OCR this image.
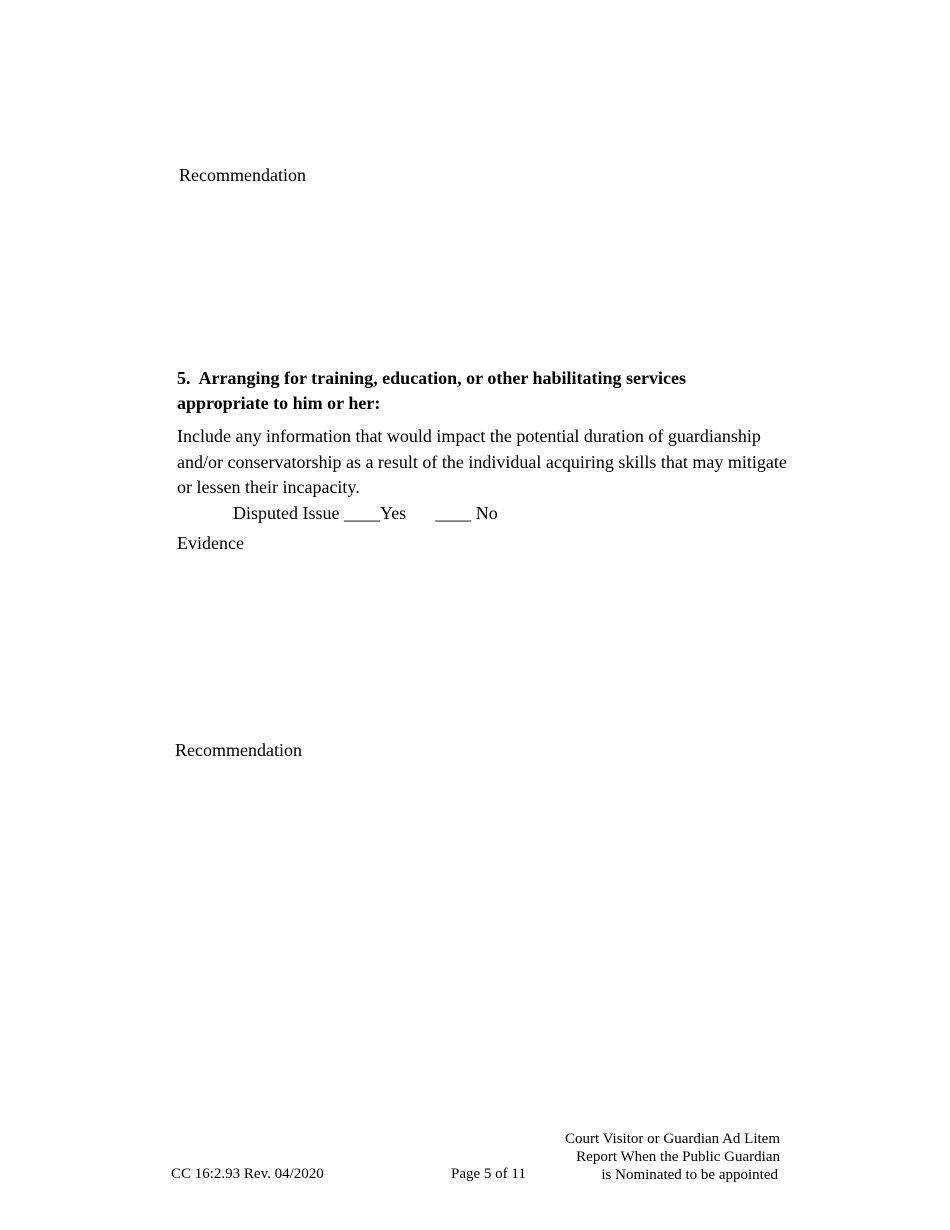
Recommendation
5. Arranging for training, education, or other habilitating services appropriate to him or her:
Include any information that would impact the potential duration of guardianship and/or conservatorship as a result of the individual acquiring skills that may mitigate or lessen their incapacity.
Disputed Issue ____Yes ____ No
Evidence
Recommendation
CC 16:2.93 Rev. 04/2020	Page 5 of 11
Court Visitor or Guardian Ad Litem
Report When the Public Guardian
is Nominated to be appointed
